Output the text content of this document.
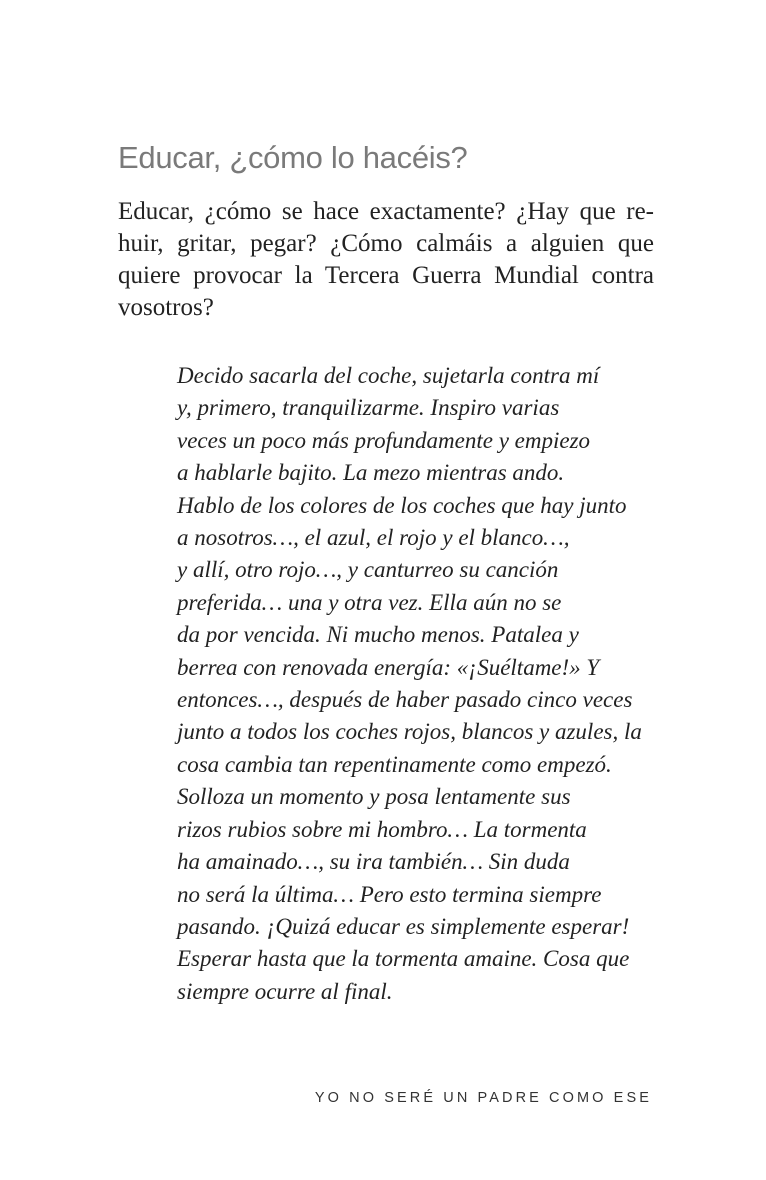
Educar, ¿cómo lo hacéis?

Educar, ¿cómo se hace exactamente? ¿Hay que re-
huir, gritar, pegar? ¿Cómo calmáis a alguien que
quiere provocar la Tercera Guerra Mundial contra
vosotros?

Decido sacarla del coche, sujetarla contra mí
y, primero, tranquilizarme. Inspiro varias
veces un poco más profundamente y empiezo
a hablarle bajito. La mezo mientras ando.
Hablo de los colores de los coches que hay junto
a nosotros…, el azul, el rojo y el blanco…,
y allí, otro rojo…, y canturreo su canción
preferida… una y otra vez. Ella aún no se
da por vencida. Ni mucho menos. Patalea y
berrea con renovada energía: «¡Suéltame!» Y
entonces…, después de haber pasado cinco veces
junto a todos los coches rojos, blancos y azules, la
cosa cambia tan repentinamente como empezó.
Solloza un momento y posa lentamente sus
rizos rubios sobre mi hombro… La tormenta
ha amainado…, su ira también… Sin duda
no será la última… Pero esto termina siempre
pasando. ¡Quizá educar es simplemente esperar!
Esperar hasta que la tormenta amaine. Cosa que
siempre ocurre al final.
YO NO SERÉ UN PADRE COMO ESE
